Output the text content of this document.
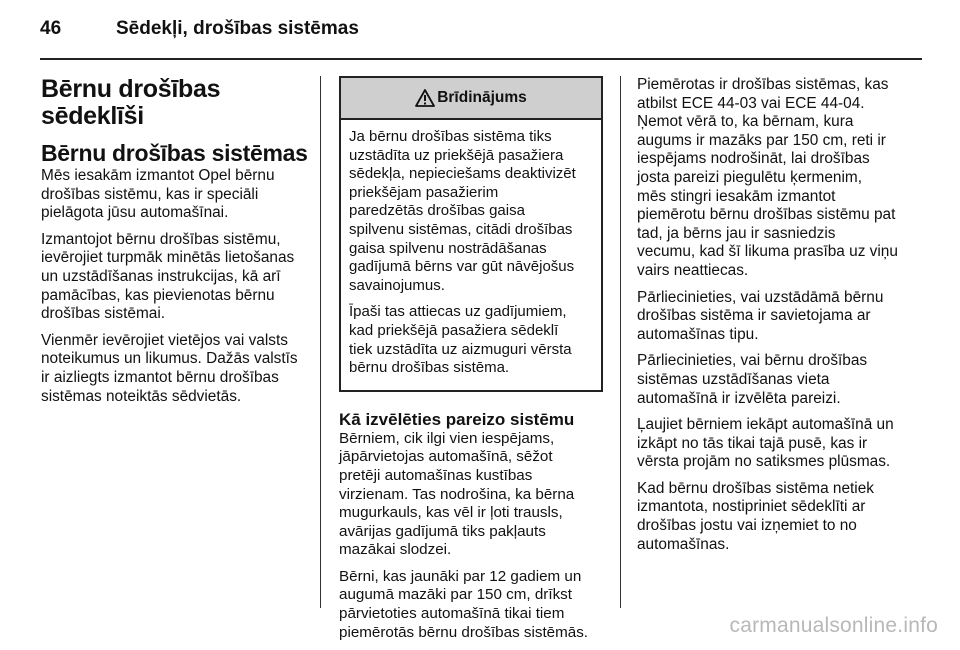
46	Sēdekļi, drošības sistēmas
Bērnu drošības
sēdeklīši
Bērnu drošības sistēmas

Mēs iesakām izmantot Opel bērnu
drošības sistēmu, kas ir speciāli
pielāgota jūsu automašīnai.

Izmantojot bērnu drošības sistēmu,
ievērojiet turpmāk minētās lietošanas
un uzstādīšanas instrukcijas, kā arī
pamācības, kas pievienotas bērnu
drošības sistēmai.

Vienmēr ievērojiet vietējos vai valsts
noteikumus un likumus. Dažās valstīs
ir aizliegts izmantot bērnu drošības
sistēmas noteiktās sēdvietās.

Brīdinājums

Ja bērnu drošības sistēma tiks
uzstādīta uz priekšējā pasažiera
sēdekļa, nepieciešams deaktivizēt
priekšējam pasažierim
paredzētās drošības gaisa
spilvenu sistēmas, citādi drošības
gaisa spilvenu nostrādāšanas
gadījumā bērns var gūt nāvējošus
savainojumus.

Īpaši tas attiecas uz gadījumiem,
kad priekšējā pasažiera sēdeklī
tiek uzstādīta uz aizmuguri vērsta
bērnu drošības sistēma.

Kā izvēlēties pareizo sistēmu

Bērniem, cik ilgi vien iespējams,
jāpārvietojas automašīnā, sēžot
pretēji automašīnas kustības
virzienam. Tas nodrošina, ka bērna
mugurkauls, kas vēl ir ļoti trausls,
avārijas gadījumā tiks pakļauts
mazākai slodzei.

Bērni, kas jaunāki par 12 gadiem un
augumā mazāki par 150 cm, drīkst
pārvietoties automašīnā tikai tiem
piemērotās bērnu drošības sistēmās.

Piemērotas ir drošības sistēmas, kas
atbilst ECE 44-03 vai ECE 44-04.
Ņemot vērā to, ka bērnam, kura
augums ir mazāks par 150 cm, reti ir
iespējams nodrošināt, lai drošības
josta pareizi piegulētu ķermenim,
mēs stingri iesakām izmantot
piemērotu bērnu drošības sistēmu pat
tad, ja bērns jau ir sasniedzis
vecumu, kad šī likuma prasība uz viņu
vairs neattiecas.

Pārliecinieties, vai uzstādāmā bērnu
drošības sistēma ir savietojama ar
automašīnas tipu.

Pārliecinieties, vai bērnu drošības
sistēmas uzstādīšanas vieta
automašīnā ir izvēlēta pareizi.

Ļaujiet bērniem iekāpt automašīnā un
izkāpt no tās tikai tajā pusē, kas ir
vērsta projām no satiksmes plūsmas.

Kad bērnu drošības sistēma netiek
izmantota, nostipriniet sēdeklīti ar
drošības jostu vai izņemiet to no
automašīnas.

carmanualsonline.info
